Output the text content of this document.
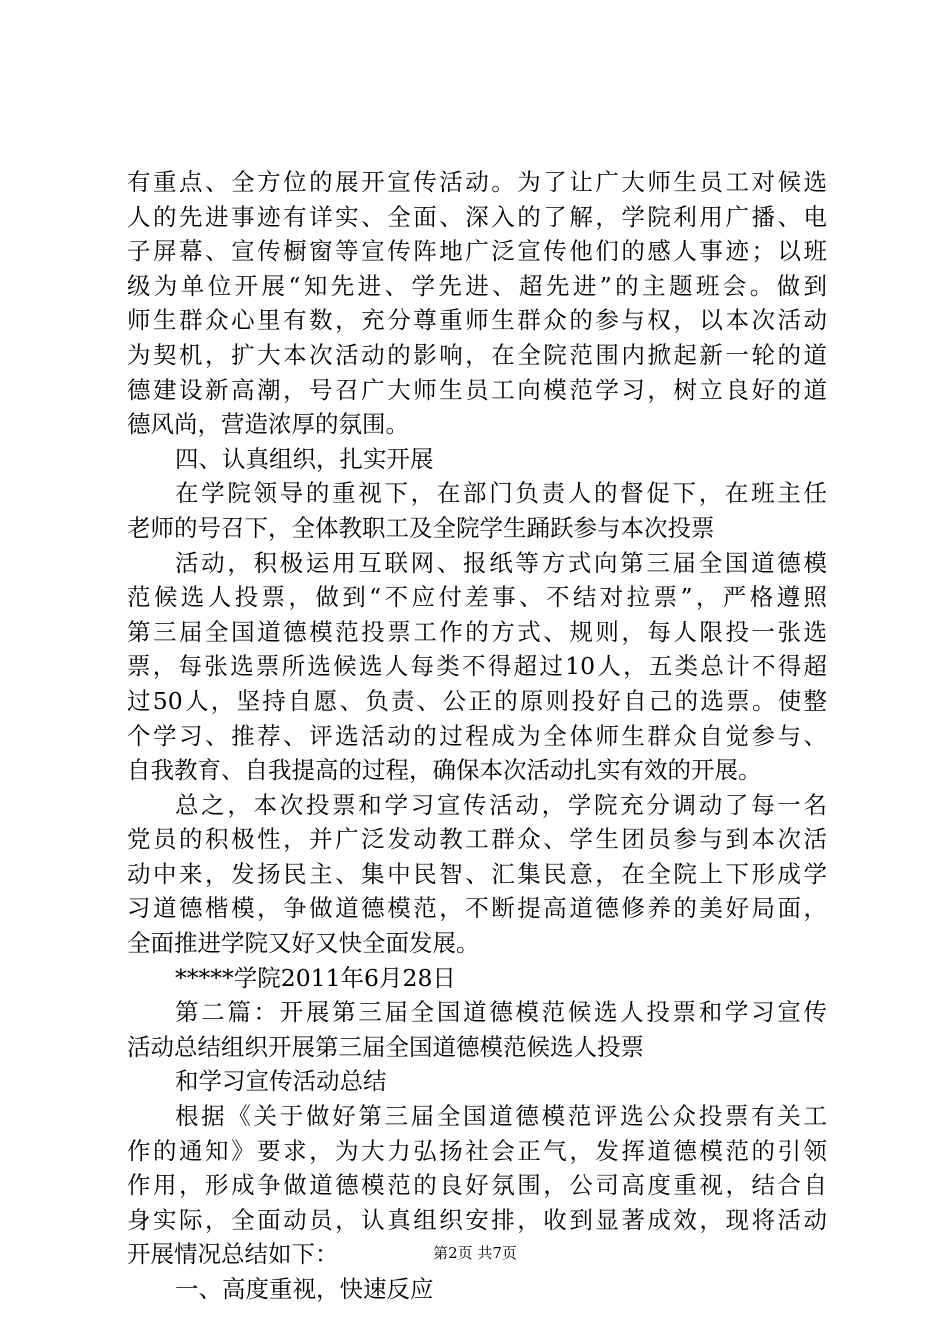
有重点、全方位的展开宣传活动。为了让广大师生员工对候选
人的先进事迹有详实、全面、深入的了解，学院利用广播、电
子屏幕、宣传橱窗等宣传阵地广泛宣传他们的感人事迹；以班
级为单位开展“知先进、学先进、超先进”的主题班会。做到
师生群众心里有数，充分尊重师生群众的参与权，以本次活动
为契机，扩大本次活动的影响，在全院范围内掀起新一轮的道
德建设新高潮，号召广大师生员工向模范学习，树立良好的道
德风尚，营造浓厚的氛围。
四、认真组织，扎实开展
在学院领导的重视下，在部门负责人的督促下，在班主任
老师的号召下，全体教职工及全院学生踊跃参与本次投票
活动，积极运用互联网、报纸等方式向第三届全国道德模
范候选人投票，做到“不应付差事、不结对拉票”，严格遵照
第三届全国道德模范投票工作的方式、规则，每人限投一张选
票，每张选票所选候选人每类不得超过10人，五类总计不得超
过50人，坚持自愿、负责、公正的原则投好自己的选票。使整
个学习、推荐、评选活动的过程成为全体师生群众自觉参与、
自我教育、自我提高的过程，确保本次活动扎实有效的开展。
总之，本次投票和学习宣传活动，学院充分调动了每一名
党员的积极性，并广泛发动教工群众、学生团员参与到本次活
动中来，发扬民主、集中民智、汇集民意，在全院上下形成学
习道德楷模，争做道德模范，不断提高道德修养的美好局面，
全面推进学院又好又快全面发展。
*****学院2011年6月28日
第二篇：开展第三届全国道德模范候选人投票和学习宣传
活动总结组织开展第三届全国道德模范候选人投票
和学习宣传活动总结
根据《关于做好第三届全国道德模范评选公众投票有关工
作的通知》要求，为大力弘扬社会正气，发挥道德模范的引领
作用，形成争做道德模范的良好氛围，公司高度重视，结合自
身实际，全面动员，认真组织安排，收到显著成效，现将活动
开展情况总结如下：
一、高度重视，快速反应
第2页 共7页
